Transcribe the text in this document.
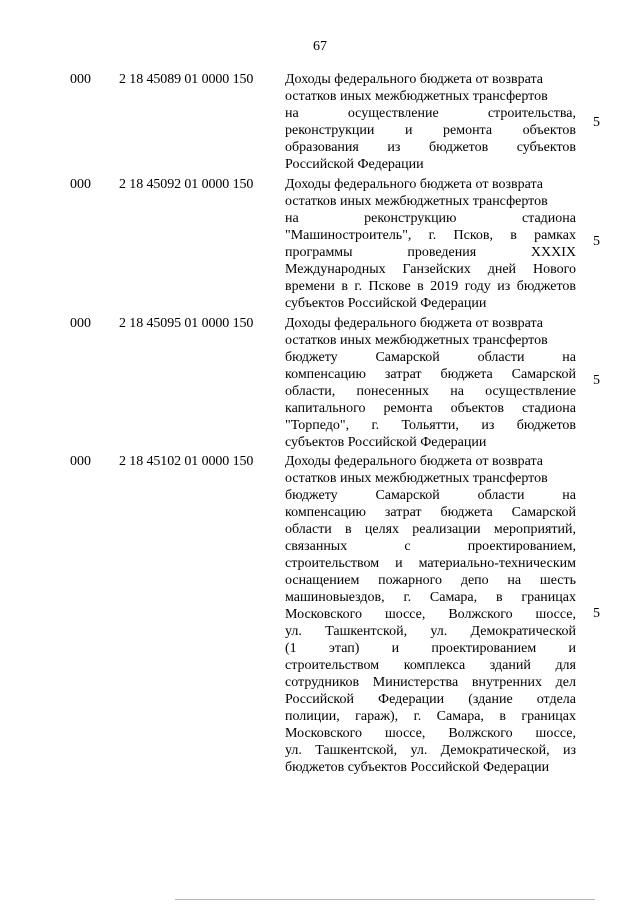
67
000 2 18 45089 01 0000 150 Доходы федерального бюджета от возврата
остатков иных межбюджетных трансфертов
на осуществление строительства,
реконструкции и ремонта объектов
образования из бюджетов субъектов
Российской Федерации
5
000 2 18 45092 01 0000 150 Доходы федерального бюджета от возврата
остатков иных межбюджетных трансфертов
на реконструкцию стадиона
"Машиностроитель", г. Псков, в рамках
программы проведения XXXIX
Международных Ганзейских дней Нового
времени в г. Пскове в 2019 году из бюджетов
субъектов Российской Федерации
5
000 2 18 45095 01 0000 150 Доходы федерального бюджета от возврата
остатков иных межбюджетных трансфертов
бюджету Самарской области на
компенсацию затрат бюджета Самарской
области, понесенных на осуществление
капитального ремонта объектов стадиона
"Торпедо", г. Тольятти, из бюджетов
субъектов Российской Федерации
5
000 2 18 45102 01 0000 150 Доходы федерального бюджета от возврата
остатков иных межбюджетных трансфертов
бюджету Самарской области на
компенсацию затрат бюджета Самарской
области в целях реализации мероприятий,
связанных с проектированием,
строительством и материально-техническим
оснащением пожарного депо на шесть
машиновыездов, г. Самара, в границах
Московского шоссе, Волжского шоссе,
ул. Ташкентской, ул. Демократической
(1 этап) и проектированием и
строительством комплекса зданий для
сотрудников Министерства внутренних дел
Российской Федерации (здание отдела
полиции, гараж), г. Самара, в границах
Московского шоссе, Волжского шоссе,
ул. Ташкентской, ул. Демократической, из
бюджетов субъектов Российской Федерации
5
